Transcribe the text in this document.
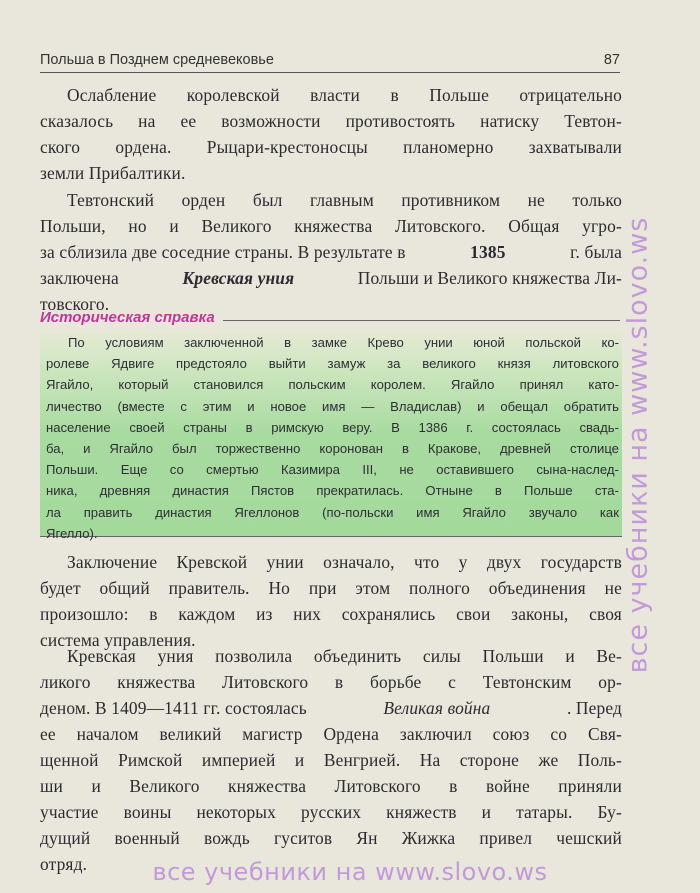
Польша в Позднем средневековье	87
Ослабление королевской власти в Польше отрицательно
сказалось на ее возможности противостоять натиску Тевтон-
ского ордена. Рыцари-крестоносцы планомерно захватывали
земли Прибалтики.
Тевтонский орден был главным противником не только
Польши, но и Великого княжества Литовского. Общая угро-
за сблизила две соседние страны. В результате в	1385	г. была
заключена	Кревская уния	Польши и Великого княжества Ли-
товского.
Историческая справка
По условиям заключенной в замке Крево унии юной польской ко-
ролеве Ядвиге предстояло выйти замуж за великого князя литовского
Ягайло, который становился польским королем. Ягайло принял като-
личество (вместе с этим и новое имя — Владислав) и обещал обратить
население своей страны в римскую веру. В 1386 г. состоялась свадь-
ба, и Ягайло был торжественно коронован в Кракове, древней столице
Польши. Еще со смертью Казимира III, не оставившего сына-наслед-
ника, древняя династия Пястов прекратилась. Отныне в Польше ста-
ла править династия Ягеллонов (по-польски имя Ягайло звучало как
Ягелло).
Заключение Кревской унии означало, что у двух государств
будет общий правитель. Но при этом полного объединения не
произошло: в каждом из них сохранялись свои законы, своя
система управления.
Кревская уния позволила объединить силы Польши и Ве-
ликого княжества Литовского в борьбе с Тевтонским ор-
деном. В 1409—1411 гг. состоялась	Великая война	. Перед
ее началом великий магистр Ордена заключил союз со Свя-
щенной Римской империей и Венгрией. На стороне же Поль-
ши и Великого княжества Литовского в войне приняли
участие воины некоторых русских княжеств и татары. Бу-
дущий военный вождь гуситов Ян Жижка привел чешский
отряд.
все учебники на www.slovo.ws
все учебники на www.slovo.ws
